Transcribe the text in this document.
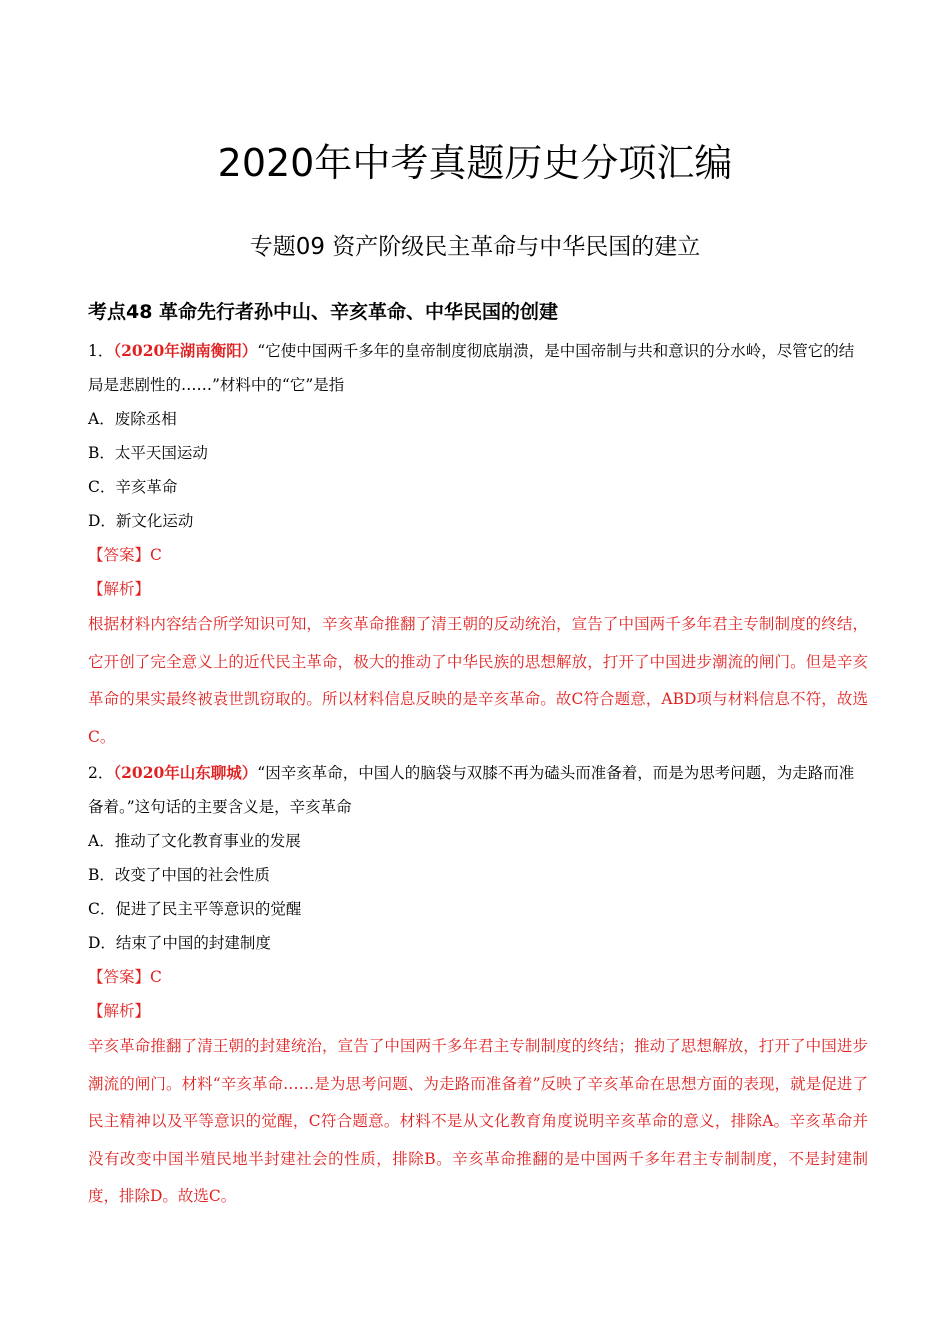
2020年中考真题历史分项汇编
专题09 资产阶级民主革命与中华民国的建立
考点48 革命先行者孙中山、辛亥革命、中华民国的创建

1．（2020年湖南衡阳）“它使中国两千多年的皇帝制度彻底崩溃，是中国帝制与共和意识的分水岭，尽管它的结局是悲剧性的……”材料中的“它”是指

A．废除丞相

B．太平天国运动

C．辛亥革命

D．新文化运动

【答案】C

【解析】

根据材料内容结合所学知识可知，辛亥革命推翻了清王朝的反动统治，宣告了中国两千多年君主专制制度的终结，它开创了完全意义上的近代民主革命，极大的推动了中华民族的思想解放，打开了中国进步潮流的闸门。但是辛亥革命的果实最终被袁世凯窃取的。所以材料信息反映的是辛亥革命。故C符合题意，ABD项与材料信息不符，故选C。

2．（2020年山东聊城）“因辛亥革命，中国人的脑袋与双膝不再为磕头而准备着，而是为思考问题，为走路而准备着。”这句话的主要含义是，辛亥革命

A．推动了文化教育事业的发展

B．改变了中国的社会性质

C．促进了民主平等意识的觉醒

D．结束了中国的封建制度

【答案】C

【解析】

辛亥革命推翻了清王朝的封建统治，宣告了中国两千多年君主专制制度的终结；推动了思想解放，打开了中国进步潮流的闸门。材料“辛亥革命……是为思考问题、为走路而准备着”反映了辛亥革命在思想方面的表现，就是促进了民主精神以及平等意识的觉醒，C符合题意。材料不是从文化教育角度说明辛亥革命的意义，排除A。辛亥革命并没有改变中国半殖民地半封建社会的性质，排除B。辛亥革命推翻的是中国两千多年君主专制制度，不是封建制度，排除D。故选C。
